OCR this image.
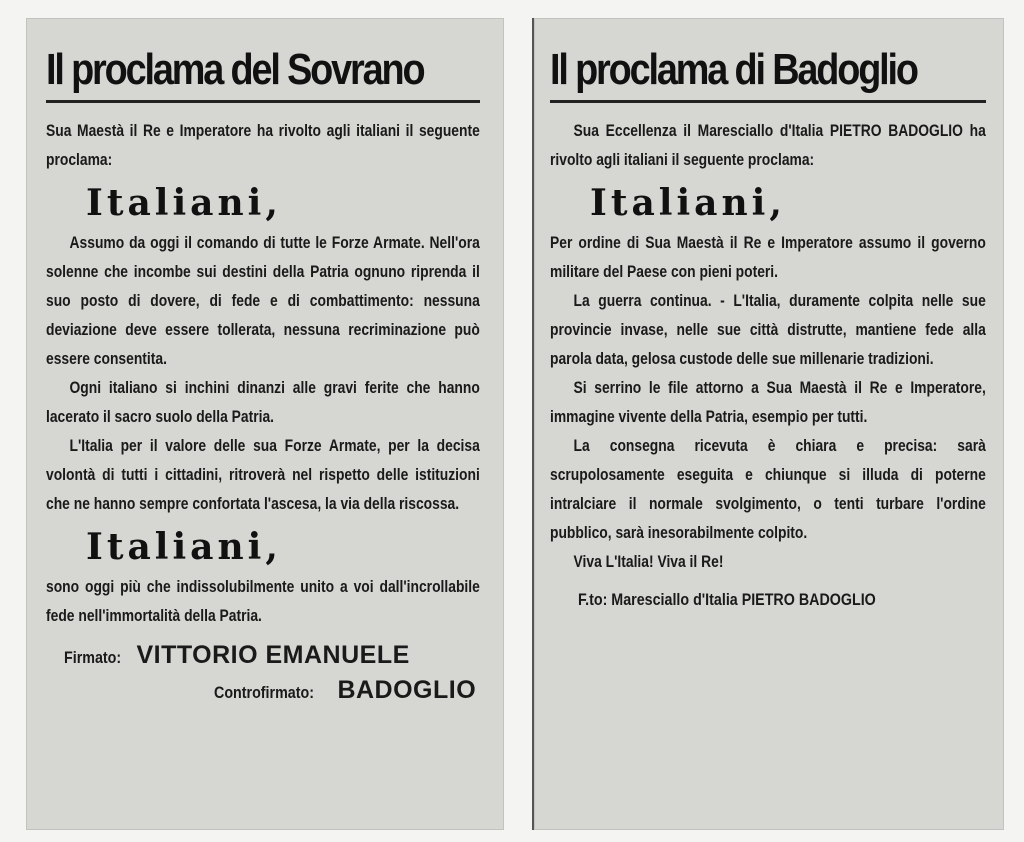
Il proclama del Sovrano

Sua Maestà il Re e Imperatore ha rivolto agli italiani il seguente proclama:

Italiani,

Assumo da oggi il comando di tutte le Forze Armate. Nell'ora solenne che incombe sui destini della Patria ognuno riprenda il suo posto di dovere, di fede e di combattimento: nessuna deviazione deve essere tollerata, nessuna recriminazione può essere consentita.

Ogni italiano si inchini dinanzi alle gravi ferite che hanno lacerato il sacro suolo della Patria.

L'Italia per il valore delle sua Forze Armate, per la decisa volontà di tutti i cittadini, ritroverà nel rispetto delle istituzioni che ne hanno sempre confortata l'ascesa, la via della riscossa.

Italiani,

sono oggi più che indissolubilmente unito a voi dall'incrollabile fede nell'immortalità della Patria.

Firmato: VITTORIO EMANUELE

Controfirmato: BADOGLIO

Il proclama di Badoglio

Sua Eccellenza il Maresciallo d'Italia PIETRO BADOGLIO ha rivolto agli italiani il seguente proclama:

Italiani,

Per ordine di Sua Maestà il Re e Imperatore assumo il governo militare del Paese con pieni poteri.

La guerra continua. - L'Italia, duramente colpita nelle sue provincie invase, nelle sue città distrutte, mantiene fede alla parola data, gelosa custode delle sue millenarie tradizioni.

Si serrino le file attorno a Sua Maestà il Re e Imperatore, immagine vivente della Patria, esempio per tutti.

La consegna ricevuta è chiara e precisa: sarà scrupolosamente eseguita e chiunque si illuda di poterne intralciare il normale svolgimento, o tenti turbare l'ordine pubblico, sarà inesorabilmente colpito.

Viva L'Italia! Viva il Re!

F.to: Maresciallo d'Italia PIETRO BADOGLIO
